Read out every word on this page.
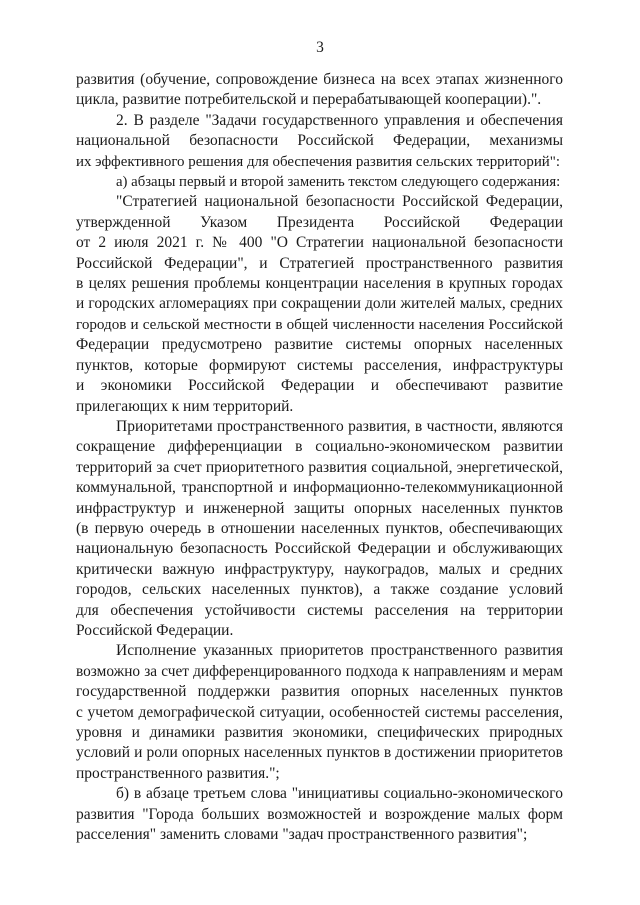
3
развития (обучение, сопровождение бизнеса на всех этапах жизненного
цикла, развитие потребительской и перерабатывающей кооперации).".
2. В разделе "Задачи государственного управления и обеспечения
национальной безопасности Российской Федерации, механизмы
их эффективного решения для обеспечения развития сельских территорий":
а) абзацы первый и второй заменить текстом следующего содержания:
"Стратегией национальной безопасности Российской Федерации,
утвержденной Указом Президента Российской Федерации
от 2 июля 2021 г. № 400 "О Стратегии национальной безопасности
Российской Федерации", и Стратегией пространственного развития
в целях решения проблемы концентрации населения в крупных городах
и городских агломерациях при сокращении доли жителей малых, средних
городов и сельской местности в общей численности населения Российской
Федерации предусмотрено развитие системы опорных населенных
пунктов, которые формируют системы расселения, инфраструктуры
и экономики Российской Федерации и обеспечивают развитие
прилегающих к ним территорий.
Приоритетами пространственного развития, в частности, являются
сокращение дифференциации в социально-экономическом развитии
территорий за счет приоритетного развития социальной, энергетической,
коммунальной, транспортной и информационно-телекоммуникационной
инфраструктур и инженерной защиты опорных населенных пунктов
(в первую очередь в отношении населенных пунктов, обеспечивающих
национальную безопасность Российской Федерации и обслуживающих
критически важную инфраструктуру, наукоградов, малых и средних
городов, сельских населенных пунктов), а также создание условий
для обеспечения устойчивости системы расселения на территории
Российской Федерации.
Исполнение указанных приоритетов пространственного развития
возможно за счет дифференцированного подхода к направлениям и мерам
государственной поддержки развития опорных населенных пунктов
с учетом демографической ситуации, особенностей системы расселения,
уровня и динамики развития экономики, специфических природных
условий и роли опорных населенных пунктов в достижении приоритетов
пространственного развития.";
б) в абзаце третьем слова "инициативы социально-экономического
развития "Города больших возможностей и возрождение малых форм
расселения" заменить словами "задач пространственного развития";
